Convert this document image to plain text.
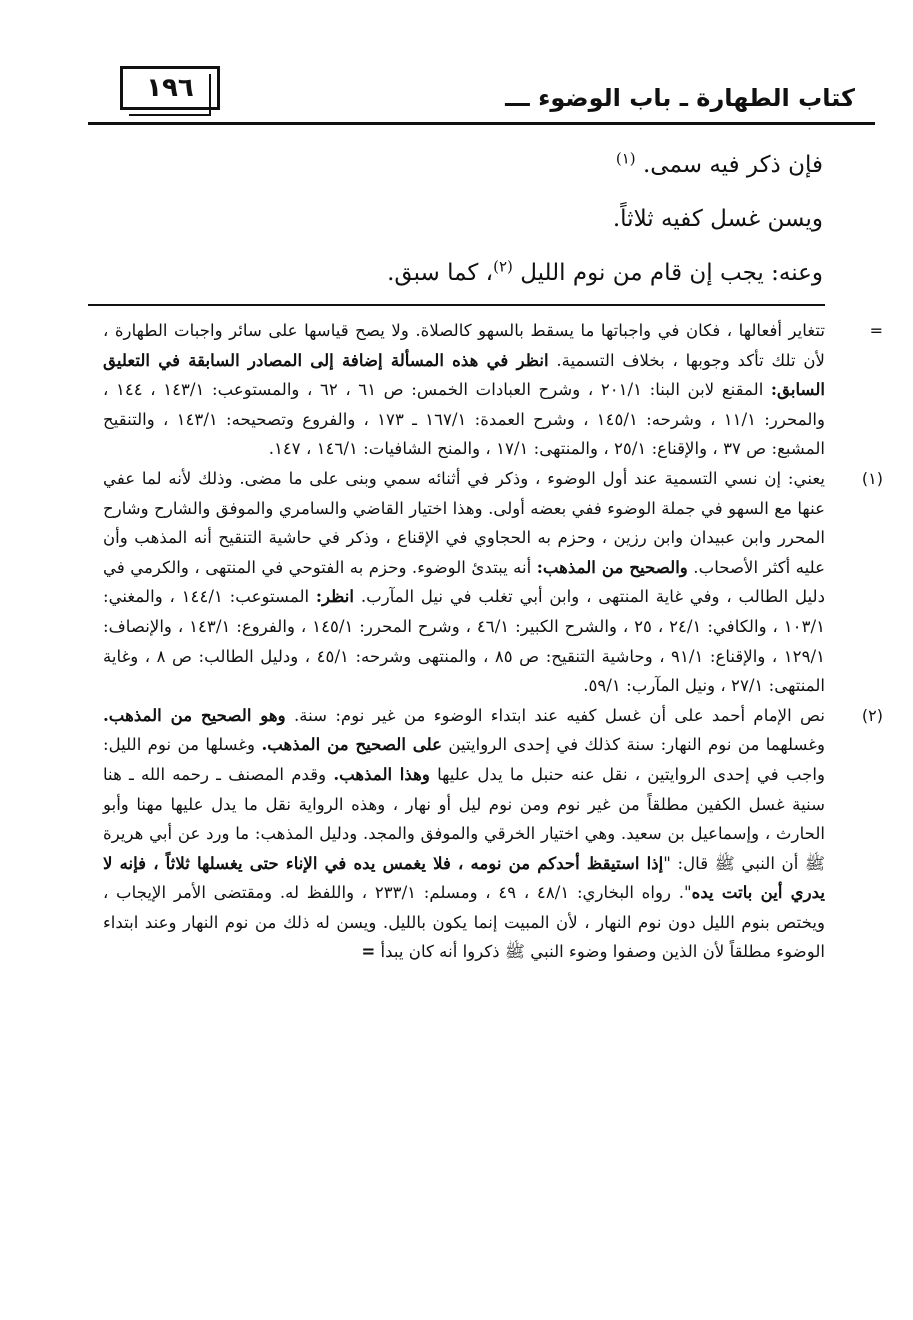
١٩٦	كتاب الطهارة ـ باب الوضوء ـــ

فإن ذكر فيه سمى. $^{(١)}$

ويسن غسل كفيه ثلاثاً.

وعنه: يجب إن قام من نوم الليل $^{(٢)}$، كما سبق.

=

تتغاير أفعالها ، فكان في واجباتها ما يسقط بالسهو كالصلاة. ولا يصح قياسها على سائر واجبات الطهارة ، لأن تلك تأكد وجوبها ، بخلاف التسمية. انظر في هذه المسألة إضافة إلى المصادر السابقة في التعليق السابق: المقنع لابن البنا: ٢٠١/١ ، وشرح العبادات الخمس: ص ٦١ ، ٦٢ ، والمستوعب: ١٤٣/١ ، ١٤٤ ، والمحرر: ١١/١ ، وشرحه: ١٤٥/١ ، وشرح العمدة: ١٦٧/١ ـ ١٧٣ ، والفروع وتصحيحه: ١٤٣/١ ، والتنقيح المشبع: ص ٣٧ ، والإقناع: ٢٥/١ ، والمنتهى: ١٧/١ ، والمنح الشافيات: ١٤٦/١ ، ١٤٧.

(١)

يعني: إن نسي التسمية عند أول الوضوء ، وذكر في أثنائه سمي وبنى على ما مضى. وذلك لأنه لما عفي عنها مع السهو في جملة الوضوء ففي بعضه أولى. وهذا اختيار القاضي والسامري والموفق والشارح وشارح المحرر وابن عبيدان وابن رزين ، وحزم به الحجاوي في الإقناع ، وذكر في حاشية التنقيح أنه المذهب وأن عليه أكثر الأصحاب. والصحيح من المذهب: أنه يبتدئ الوضوء. وحزم به الفتوحي في المنتهى ، والكرمي في دليل الطالب ، وفي غاية المنتهى ، وابن أبي تغلب في نيل المآرب. انظر: المستوعب: ١٤٤/١ ، والمغني: ١٠٣/١ ، والكافي: ٢٤/١ ، ٢٥ ، والشرح الكبير: ٤٦/١ ، وشرح المحرر: ١٤٥/١ ، والفروع: ١٤٣/١ ، والإنصاف: ١٢٩/١ ، والإقناع: ٩١/١ ، وحاشية التنقيح: ص ٨٥ ، والمنتهى وشرحه: ٤٥/١ ، ودليل الطالب: ص ٨ ، وغاية المنتهى: ٢٧/١ ، ونيل المآرب: ٥٩/١.

(٢)

نص الإمام أحمد على أن غسل كفيه عند ابتداء الوضوء من غير نوم: سنة. وهو الصحيح من المذهب. وغسلهما من نوم النهار: سنة كذلك في إحدى الروايتين على الصحيح من المذهب. وغسلها من نوم الليل: واجب في إحدى الروايتين ، نقل عنه حنبل ما يدل عليها وهذا المذهب. وقدم المصنف ـ رحمه الله ـ هنا سنية غسل الكفين مطلقاً من غير نوم ومن نوم ليل أو نهار ، وهذه الرواية نقل ما يدل عليها مهنا وأبو الحارث ، وإسماعيل بن سعيد. وهي اختيار الخرقي والموفق والمجد. ودليل المذهب: ما ورد عن أبي هريرة ﷺ أن النبي ﷺ قال: "إذا استيقظ أحدكم من نومه ، فلا يغمس يده في الإناء حتى يغسلها ثلاثاً ، فإنه لا يدري أين باتت يده". رواه البخاري: ٤٨/١ ، ٤٩ ، ومسلم: ٢٣٣/١ ، واللفظ له. ومقتضى الأمر الإيجاب ، ويختص بنوم الليل دون نوم النهار ، لأن المبيت إنما يكون بالليل. ويسن له ذلك من نوم النهار وعند ابتداء الوضوء مطلقاً لأن الذين وصفوا وضوء النبي ﷺ ذكروا أنه كان يبدأ =
